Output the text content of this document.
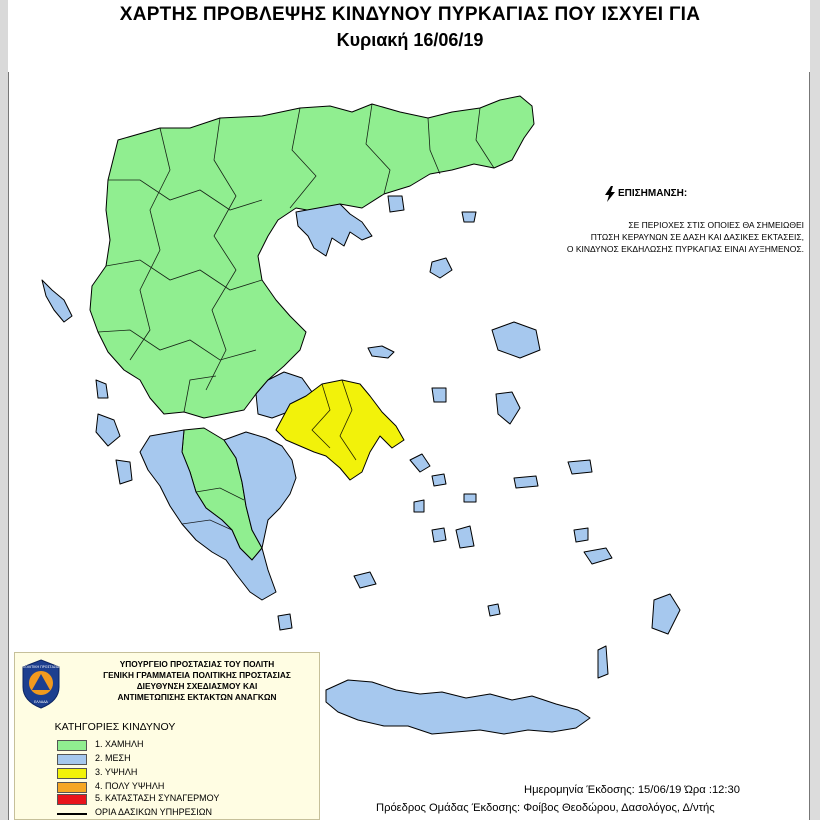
ΧΑΡΤΗΣ ΠΡΟΒΛΕΨΗΣ ΚΙΝΔΥΝΟΥ ΠΥΡΚΑΓΙΑΣ ΠΟΥ ΙΣΧΥΕΙ ΓΙΑ
Κυριακή 16/06/19
ΕΠΙΣΗΜΑΝΣΗ:
ΣΕ ΠΕΡΙΟΧΕΣ ΣΤΙΣ ΟΠΟΙΕΣ ΘΑ ΣΗΜΕΙΩΘΕΙ
ΠΤΩΣΗ ΚΕΡΑΥΝΩΝ ΣΕ ΔΑΣΗ ΚΑΙ ΔΑΣΙΚΕΣ ΕΚΤΑΣΕΙΣ,
Ο ΚΙΝΔΥΝΟΣ ΕΚΔΗΛΩΣΗΣ ΠΥΡΚΑΓΙΑΣ ΕΙΝΑΙ ΑΥΞΗΜΕΝΟΣ.
ΠΟΛΙΤΙΚΗ ΠΡΟΣΤΑΣΙΑ
ΕΛΛΑΔΑ
ΥΠΟΥΡΓΕΙΟ ΠΡΟΣΤΑΣΙΑΣ ΤΟΥ ΠΟΛΙΤΗ
ΓΕΝΙΚΗ ΓΡΑΜΜΑΤΕΙΑ ΠΟΛΙΤΙΚΗΣ ΠΡΟΣΤΑΣΙΑΣ
ΔΙΕΥΘΥΝΣΗ ΣΧΕΔΙΑΣΜΟΥ ΚΑΙ
ΑΝΤΙΜΕΤΩΠΙΣΗΣ ΕΚΤΑΚΤΩΝ ΑΝΑΓΚΩΝ
ΚΑΤΗΓΟΡΙΕΣ ΚΙΝΔΥΝΟΥ
1. ΧΑΜΗΛΗ
2. ΜΕΣΗ
3. ΥΨΗΛΗ
4. ΠΟΛΥ ΥΨΗΛΗ
5. ΚΑΤΑΣΤΑΣΗ ΣΥΝΑΓΕΡΜΟΥ
ΟΡΙΑ ΔΑΣΙΚΩΝ ΥΠΗΡΕΣΙΩΝ
Ημερομηνία Έκδοσης: 15/06/19 Ώρα :12:30
Πρόεδρος Ομάδας Έκδοσης: Φοίβος Θεοδώρου, Δασολόγος, Δ/ντής
